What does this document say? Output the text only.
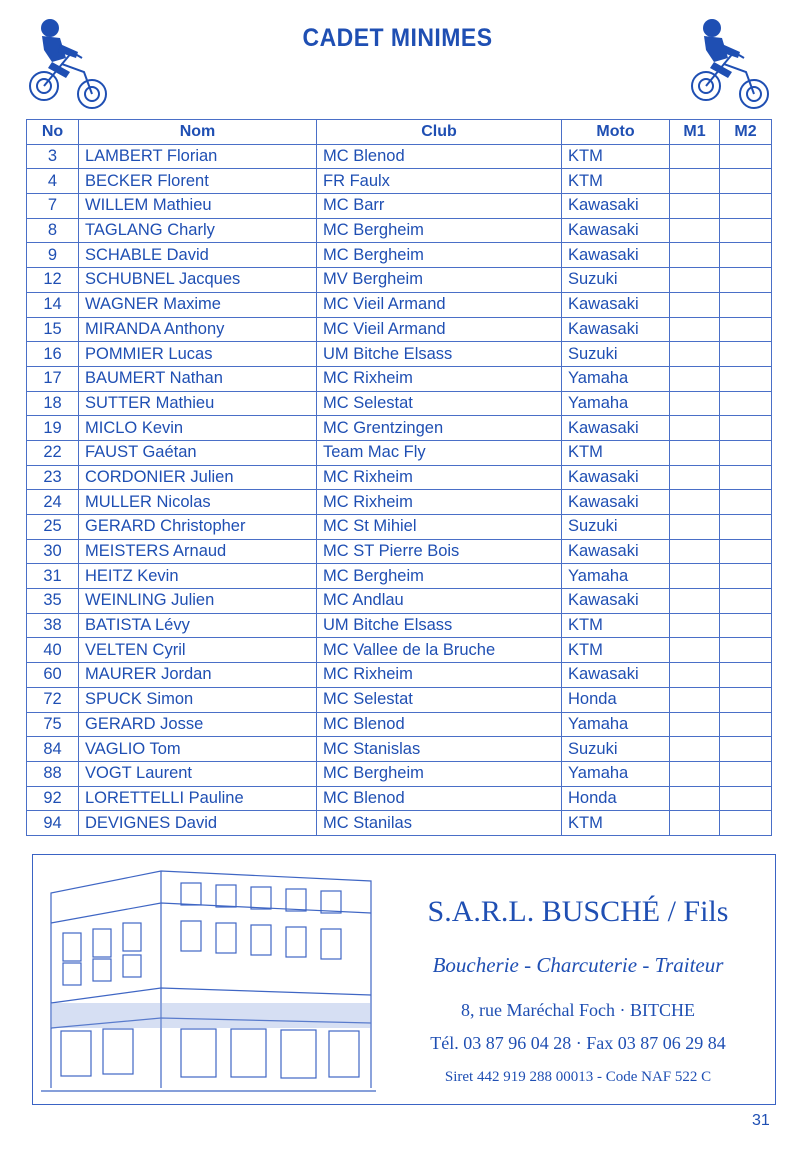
CADET MINIMES
No	Nom	Club	Moto	M1	M2
3	LAMBERT Florian	MC Blenod	KTM		
4	BECKER Florent	FR Faulx	KTM		
7	WILLEM Mathieu	MC Barr	Kawasaki		
8	TAGLANG Charly	MC Bergheim	Kawasaki		
9	SCHABLE David	MC Bergheim	Kawasaki		
12	SCHUBNEL Jacques	MV Bergheim	Suzuki		
14	WAGNER Maxime	MC Vieil Armand	Kawasaki		
15	MIRANDA Anthony	MC Vieil Armand	Kawasaki		
16	POMMIER Lucas	UM Bitche Elsass	Suzuki		
17	BAUMERT Nathan	MC Rixheim	Yamaha		
18	SUTTER Mathieu	MC Selestat	Yamaha		
19	MICLO Kevin	MC Grentzingen	Kawasaki		
22	FAUST Gaétan	Team Mac Fly	KTM		
23	CORDONIER Julien	MC Rixheim	Kawasaki		
24	MULLER Nicolas	MC Rixheim	Kawasaki		
25	GERARD Christopher	MC St Mihiel	Suzuki		
30	MEISTERS Arnaud	MC ST Pierre Bois	Kawasaki		
31	HEITZ Kevin	MC Bergheim	Yamaha		
35	WEINLING Julien	MC Andlau	Kawasaki		
38	BATISTA Lévy	UM Bitche Elsass	KTM		
40	VELTEN Cyril	MC Vallee de la Bruche	KTM		
60	MAURER Jordan	MC Rixheim	Kawasaki		
72	SPUCK Simon	MC Selestat	Honda		
75	GERARD Josse	MC Blenod	Yamaha		
84	VAGLIO Tom	MC Stanislas	Suzuki		
88	VOGT Laurent	MC Bergheim	Yamaha		
92	LORETTELLI Pauline	MC Blenod	Honda		
94	DEVIGNES David	MC Stanilas	KTM		
S.A.R.L. BUSCHÉ / Fils
Boucherie - Charcuterie - Traiteur
8, rue Maréchal Foch · BITCHE
Tél. 03 87 96 04 28 · Fax 03 87 06 29 84
Siret 442 919 288 00013 - Code NAF 522 C
31
